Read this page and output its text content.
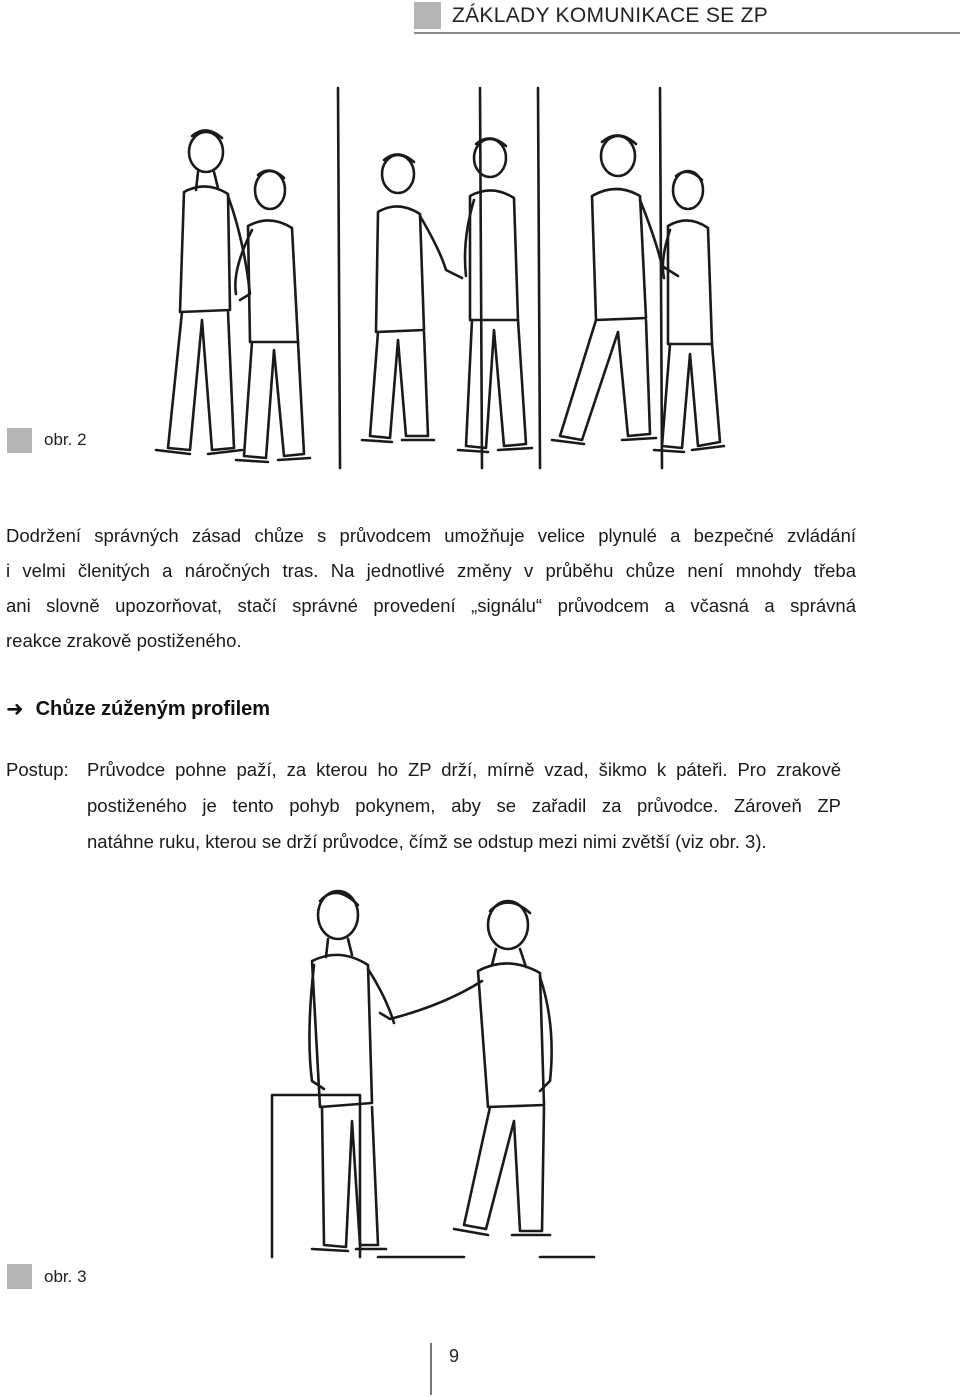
ZÁKLADY KOMUNIKACE SE ZP
obr. 2

Dodržení správných zásad chůze s průvodcem umožňuje velice plynulé a bezpečné zvládání
i velmi členitých a náročných tras. Na jednotlivé změny v průběhu chůze není mnohdy třeba
ani slovně upozorňovat, stačí správné provedení „signálu“ průvodcem a včasná a správná
reakce zrakově postiženého.

➜ Chůze zúženým profilem
Postup: Průvodce pohne paží, za kterou ho ZP drží, mírně vzad, šikmo k páteři. Pro zrakově
postiženého je tento pohyb pokynem, aby se zařadil za průvodce. Zároveň ZP
natáhne ruku, kterou se drží průvodce, čímž se odstup mezi nimi zvětší (viz obr. 3).
obr. 3
9
